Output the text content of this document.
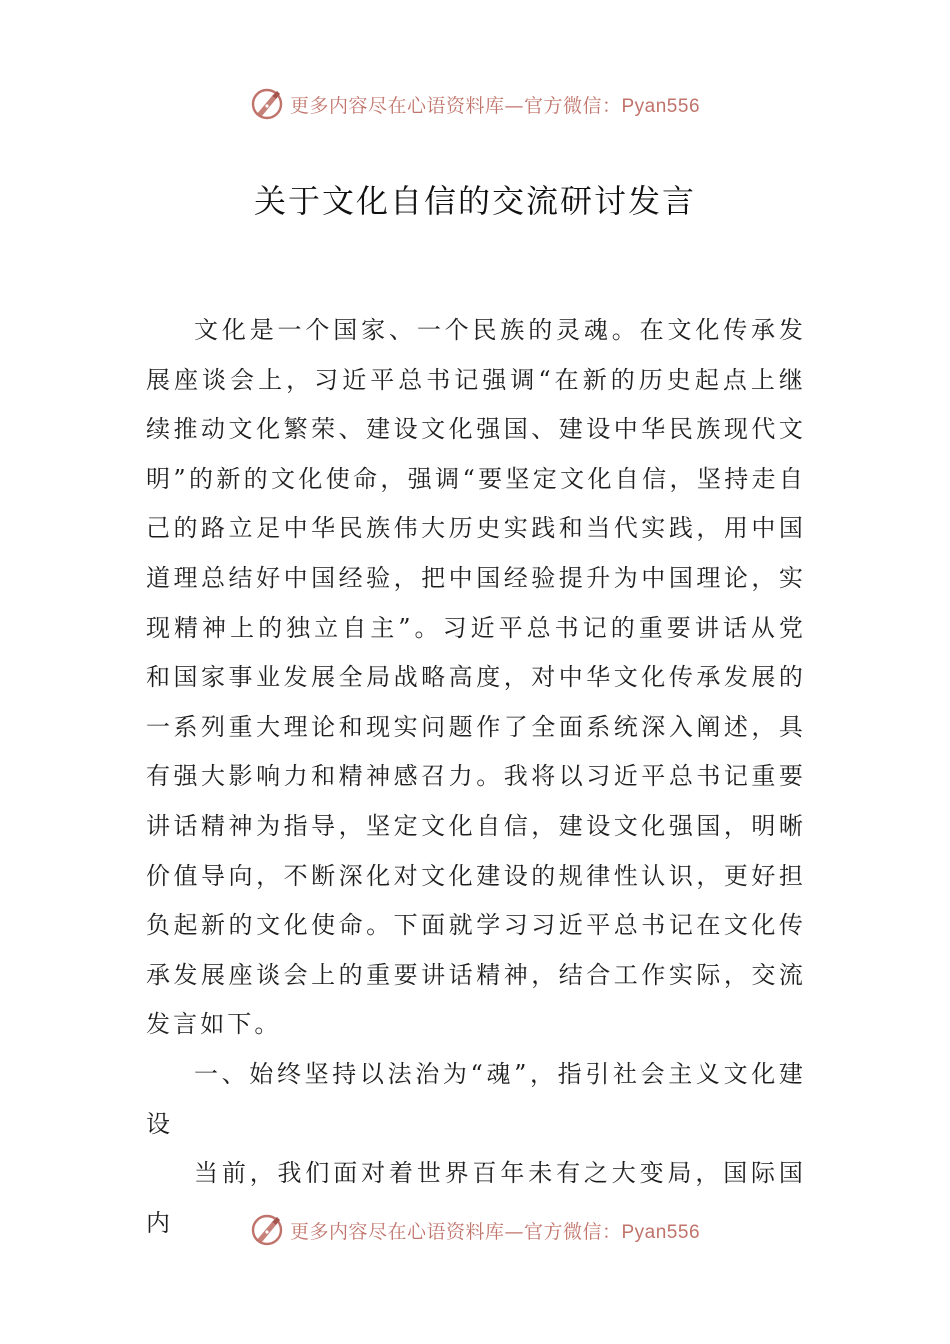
更多内容尽在心语资料库—官方微信：Pyan556
关于文化自信的交流研讨发言

文化是一个国家、一个民族的灵魂。在文化传承发展座谈会上，习近平总书记强调“在新的历史起点上继续推动文化繁荣、建设文化强国、建设中华民族现代文明”的新的文化使命，强调“要坚定文化自信，坚持走自己的路立足中华民族伟大历史实践和当代实践，用中国道理总结好中国经验，把中国经验提升为中国理论，实现精神上的独立自主”。习近平总书记的重要讲话从党和国家事业发展全局战略高度，对中华文化传承发展的一系列重大理论和现实问题作了全面系统深入阐述，具有强大影响力和精神感召力。我将以习近平总书记重要讲话精神为指导，坚定文化自信，建设文化强国，明晰价值导向，不断深化对文化建设的规律性认识，更好担负起新的文化使命。下面就学习习近平总书记在文化传承发展座谈会上的重要讲话精神，结合工作实际，交流发言如下。

一、始终坚持以法治为“魂”，指引社会主义文化建设

当前，我们面对着世界百年未有之大变局，国际国内	更多内容尽在心语资料库—官方微信：Pyan556
